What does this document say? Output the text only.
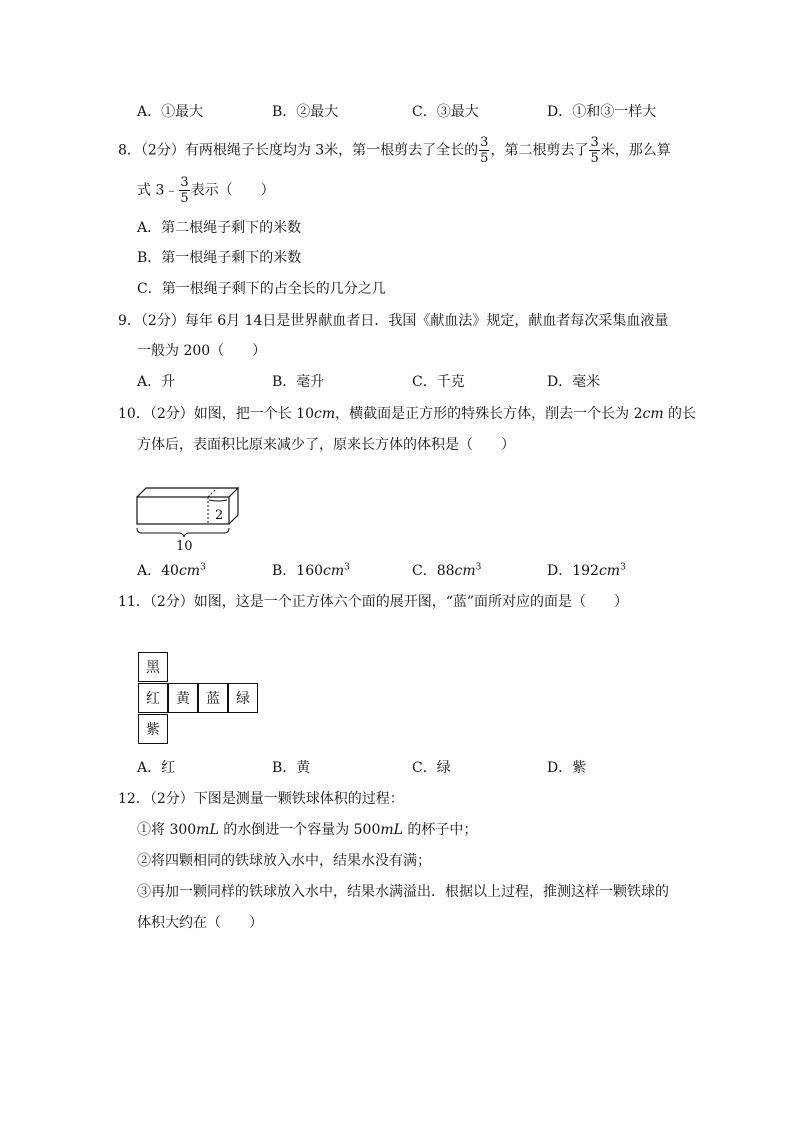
A．①最大	B．②最大	C．③最大	D．①和③一样大
8．（2分）有两根绳子长度均为 3米，第一根剪去了全长的 $\frac{3}{5}$ ，第二根剪去了 $\frac{3}{5}$ 米，那么算
式 3﹣ $\frac{3}{5}$ 表示（　　）
A．第二根绳子剩下的米数
B．第一根绳子剩下的米数
C．第一根绳子剩下的占全长的几分之几
9．（2分）每年 6月 14日是世界献血者日．我国《献血法》规定，献血者每次采集血液量
一般为 200（　　）
A．升	B．毫升	C．千克	D．毫米
10．（2分）如图，把一个长 10cm，横截面是正方形的特殊长方体，削去一个长为 2cm 的长
方体后，表面积比原来减少了，原来长方体的体积是（　　）
2
10
A．$40cm^3$	B．$160cm^3$	C．$88cm^3$	D．$192cm^3$
11．（2分）如图，这是一个正方体六个面的展开图，“蓝”面所对应的面是（　　）
黑
红	黄	蓝	绿
紫
A．红	B．黄	C．绿	D．紫
12．（2分）下图是测量一颗铁球体积的过程：
①将 300mL 的水倒进一个容量为 500mL 的杯子中；
②将四颗相同的铁球放入水中，结果水没有满；
③再加一颗同样的铁球放入水中，结果水满溢出．根据以上过程，推测这样一颗铁球的
体积大约在（　　）
